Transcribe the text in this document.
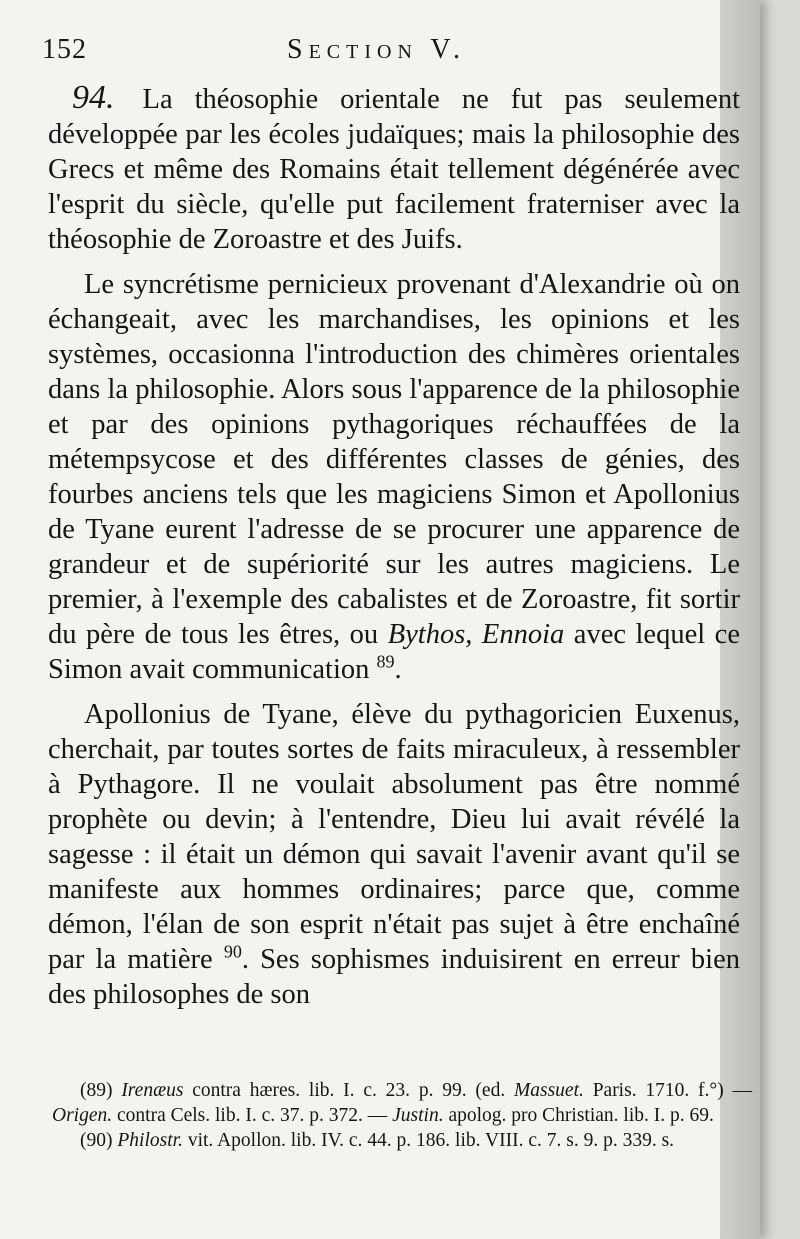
152	Section V.

94. La théosophie orientale ne fut pas seulement développée par les écoles judaïques; mais la philosophie des Grecs et même des Romains était tellement dégénérée avec l'esprit du siècle, qu'elle put facilement fraterniser avec la théosophie de Zoroastre et des Juifs.

Le syncrétisme pernicieux provenant d'Alexandrie où on échangeait, avec les marchandises, les opinions et les systèmes, occasionna l'introduction des chimères orientales dans la philosophie. Alors sous l'apparence de la philosophie et par des opinions pythagoriques réchauffées de la métempsycose et des différentes classes de génies, des fourbes anciens tels que les magiciens Simon et Apollonius de Tyane eurent l'adresse de se procurer une apparence de grandeur et de supériorité sur les autres magiciens. Le premier, à l'exemple des cabalistes et de Zoroastre, fit sortir du père de tous les êtres, ou Bythos, Ennoia avec lequel ce Simon avait communication $^{89}$.

Apollonius de Tyane, élève du pythagoricien Euxenus, cherchait, par toutes sortes de faits miraculeux, à ressembler à Pythagore. Il ne voulait absolument pas être nommé prophète ou devin; à l'entendre, Dieu lui avait révélé la sagesse : il était un démon qui savait l'avenir avant qu'il se manifeste aux hommes ordinaires; parce que, comme démon, l'élan de son esprit n'était pas sujet à être enchaîné par la matière $^{90}$. Ses sophismes induisirent en erreur bien des philosophes de son

(89) Irenæus contra hæres. lib. I. c. 23. p. 99. (ed. Massuet. Paris. 1710. f.°) — Origen. contra Cels. lib. I. c. 37. p. 372. — Justin. apolog. pro Christian. lib. I. p. 69.

(90) Philostr. vit. Apollon. lib. IV. c. 44. p. 186. lib. VIII. c. 7. s. 9. p. 339. s.
